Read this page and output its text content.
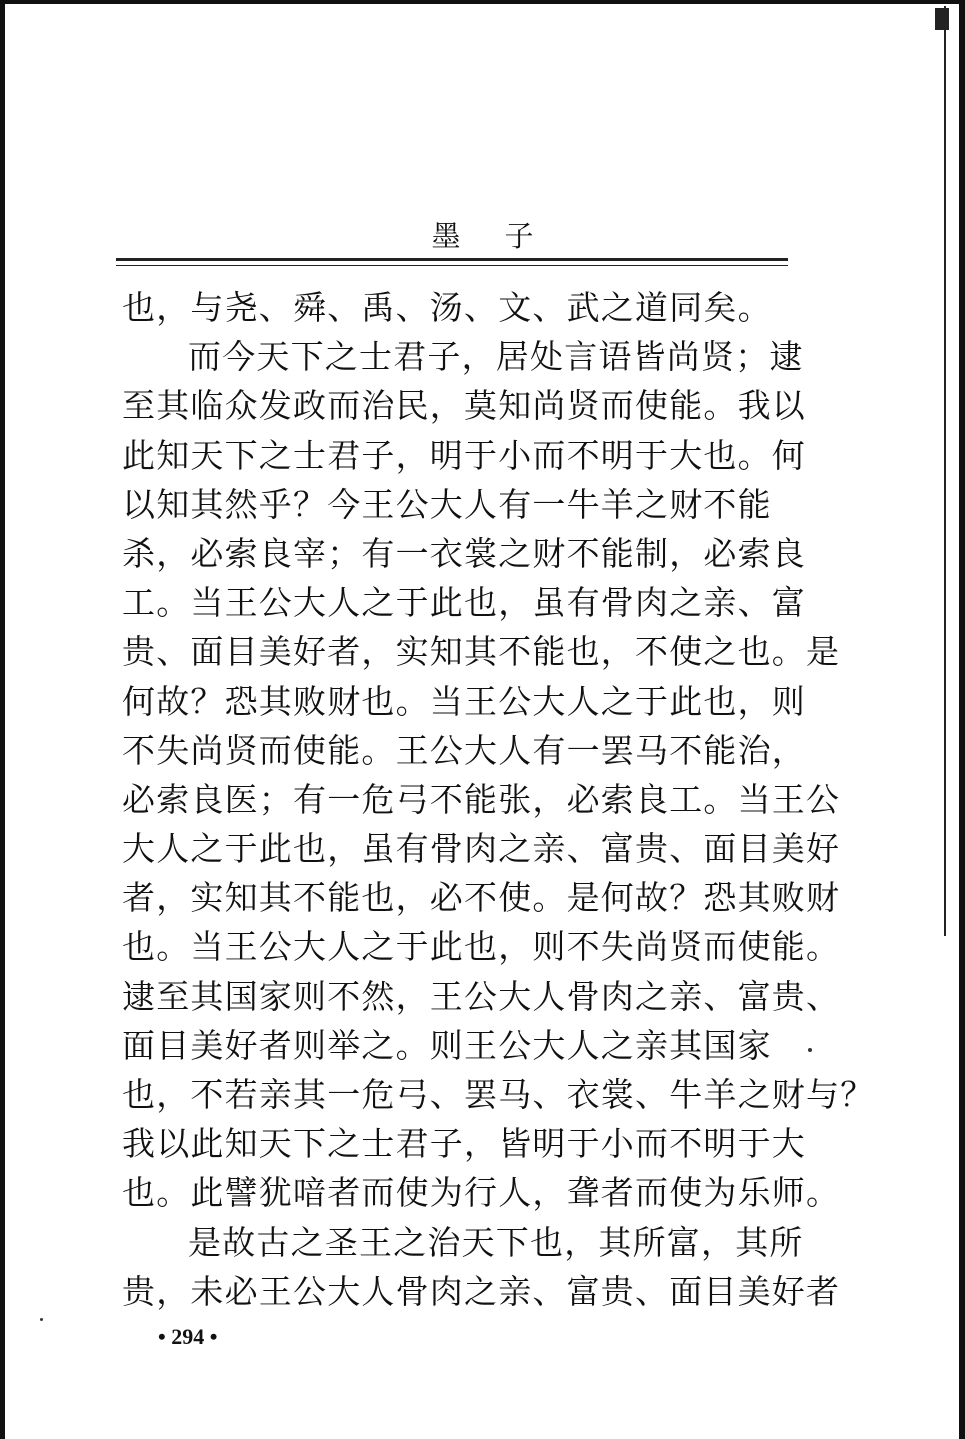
墨子
也，与尧、舜、禹、汤、文、武之道同矣。
而今天下之士君子，居处言语皆尚贤；逮
至其临众发政而治民，莫知尚贤而使能。我以
此知天下之士君子，明于小而不明于大也。何
以知其然乎？今王公大人有一牛羊之财不能
杀，必索良宰；有一衣裳之财不能制，必索良
工。当王公大人之于此也，虽有骨肉之亲、富
贵、面目美好者，实知其不能也，不使之也。是
何故？恐其败财也。当王公大人之于此也，则
不失尚贤而使能。王公大人有一罢马不能治，
必索良医；有一危弓不能张，必索良工。当王公
大人之于此也，虽有骨肉之亲、富贵、面目美好
者，实知其不能也，必不使。是何故？恐其败财
也。当王公大人之于此也，则不失尚贤而使能。
逮至其国家则不然，王公大人骨肉之亲、富贵、
面目美好者则举之。则王公大人之亲其国家
也，不若亲其一危弓、罢马、衣裳、牛羊之财与？
我以此知天下之士君子，皆明于小而不明于大
也。此譬犹喑者而使为行人，聋者而使为乐师。
是故古之圣王之治天下也，其所富，其所
贵，未必王公大人骨肉之亲、富贵、面目美好者
• 294 •
